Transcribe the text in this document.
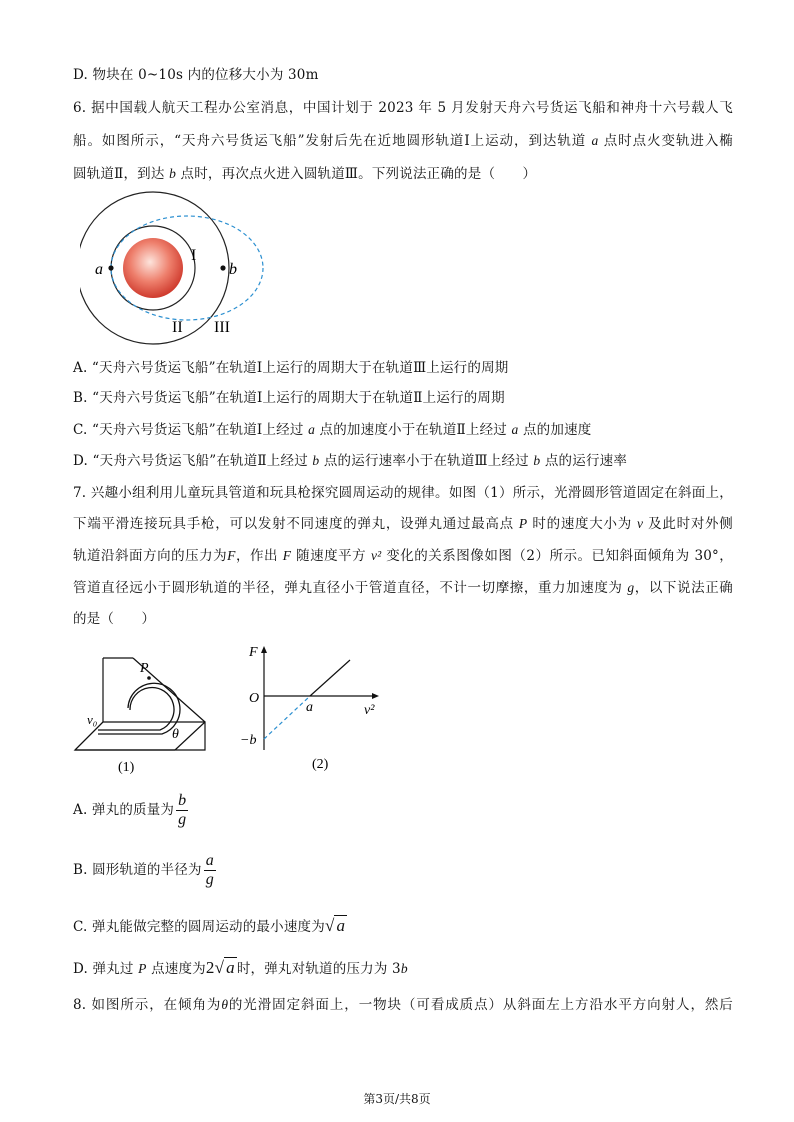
D. 物块在 0~10s 内的位移大小为 30m
6. 据中国载人航天工程办公室消息，中国计划于 2023 年 5 月发射天舟六号货运飞船和神舟十六号载人飞
船。如图所示，“天舟六号货运飞船”发射后先在近地圆形轨道Ⅰ上运动，到达轨道 a 点时点火变轨进入椭
圆轨道Ⅱ，到达 b 点时，再次点火进入圆轨道Ⅲ。下列说法正确的是（　　）
a	b
I
II III
A. “天舟六号货运飞船”在轨道Ⅰ上运行的周期大于在轨道Ⅲ上运行的周期
B. “天舟六号货运飞船”在轨道Ⅰ上运行的周期大于在轨道Ⅱ上运行的周期
C. “天舟六号货运飞船”在轨道Ⅰ上经过 a 点的加速度小于在轨道Ⅱ上经过 a 点的加速度
D. “天舟六号货运飞船”在轨道Ⅱ上经过 b 点的运行速率小于在轨道Ⅲ上经过 b 点的运行速率
7. 兴趣小组利用儿童玩具管道和玩具枪探究圆周运动的规律。如图（1）所示，光滑圆形管道固定在斜面上，
下端平滑连接玩具手枪，可以发射不同速度的弹丸，设弹丸通过最高点 P 时的速度大小为 v 及此时对外侧
轨道沿斜面方向的压力为F，作出 F 随速度平方 v² 变化的关系图像如图（2）所示。已知斜面倾角为 30°，
管道直径远小于圆形轨道的半径，弹丸直径小于管道直径，不计一切摩擦，重力加速度为 g，以下说法正确
的是（　　）
P
v₀
θ
(1)
F
O
a	v²
−b
(2)
A. 弹丸的质量为 $\frac{b}{g}$
B. 圆形轨道的半径为 $\frac{a}{g}$
C. 弹丸能做完整的圆周运动的最小速度为√ a
D. 弹丸过 P 点速度为2√ a 时，弹丸对轨道的压力为 3b
8. 如图所示，在倾角为θ的光滑固定斜面上，一物块（可看成质点）从斜面左上方沿水平方向射人，然后
第3页/共8页
